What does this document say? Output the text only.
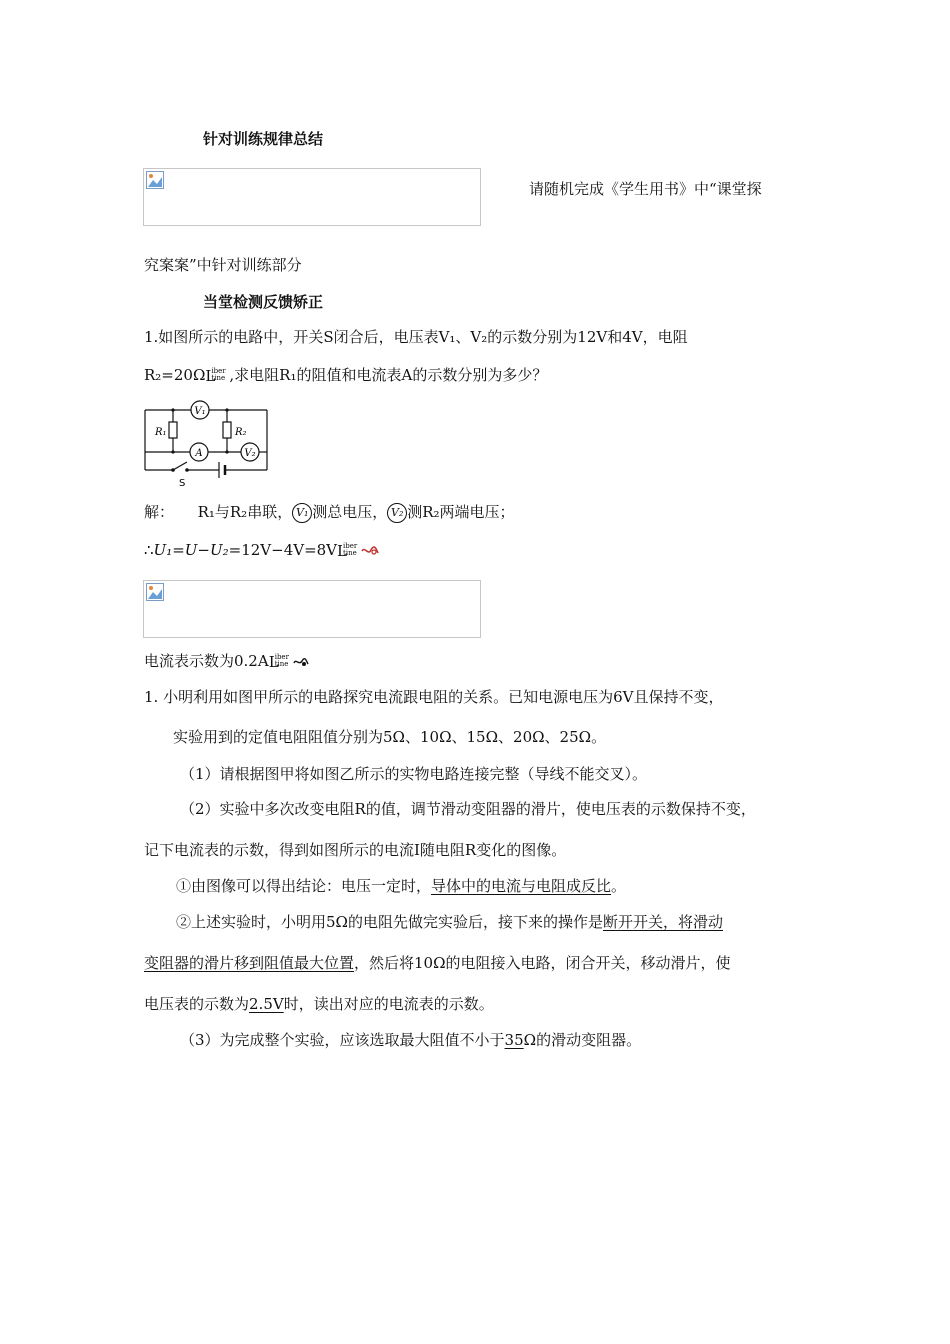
针对训练规律总结
请随机完成《学生用书》中“课堂探
究案案”中针对训练部分
当堂检测反馈矫正
1.如图所示的电路中，开关S闭合后，电压表V₁、V₂的示数分别为12V和4V，电阻
R₂=20Ω L
iber
tine ,求电阻R₁的阻值和电流表A的示数分别为多少？
V₁
A	V₂
R₁	R₂
S
解： R₁与R₂串联， V₁ 测总电压， V₂ 测R₂两端电压；
∴U₁=U−U₂=12V−4V=8V L
iber
tine
电流表示数为0.2A L
iber
tine
1. 小明利用如图甲所示的电路探究电流跟电阻的关系。已知电源电压为6V且保持不变，
实验用到的定值电阻阻值分别为5Ω、10Ω、15Ω、20Ω、25Ω。
（1）请根据图甲将如图乙所示的实物电路连接完整（导线不能交叉）。
（2）实验中多次改变电阻R的值，调节滑动变阻器的滑片，使电压表的示数保持不变，
记下电流表的示数，得到如图所示的电流I随电阻R变化的图像。
①由图像可以得出结论：电压一定时，导体中的电流与电阻成反比。
②上述实验时，小明用5Ω的电阻先做完实验后，接下来的操作是断开开关，将滑动
变阻器的滑片移到阻值最大位置，然后将10Ω的电阻接入电路，闭合开关，移动滑片，使
电压表的示数为2.5V时，读出对应的电流表的示数。
（3）为完成整个实验，应该选取最大阻值不小于35Ω的滑动变阻器。
